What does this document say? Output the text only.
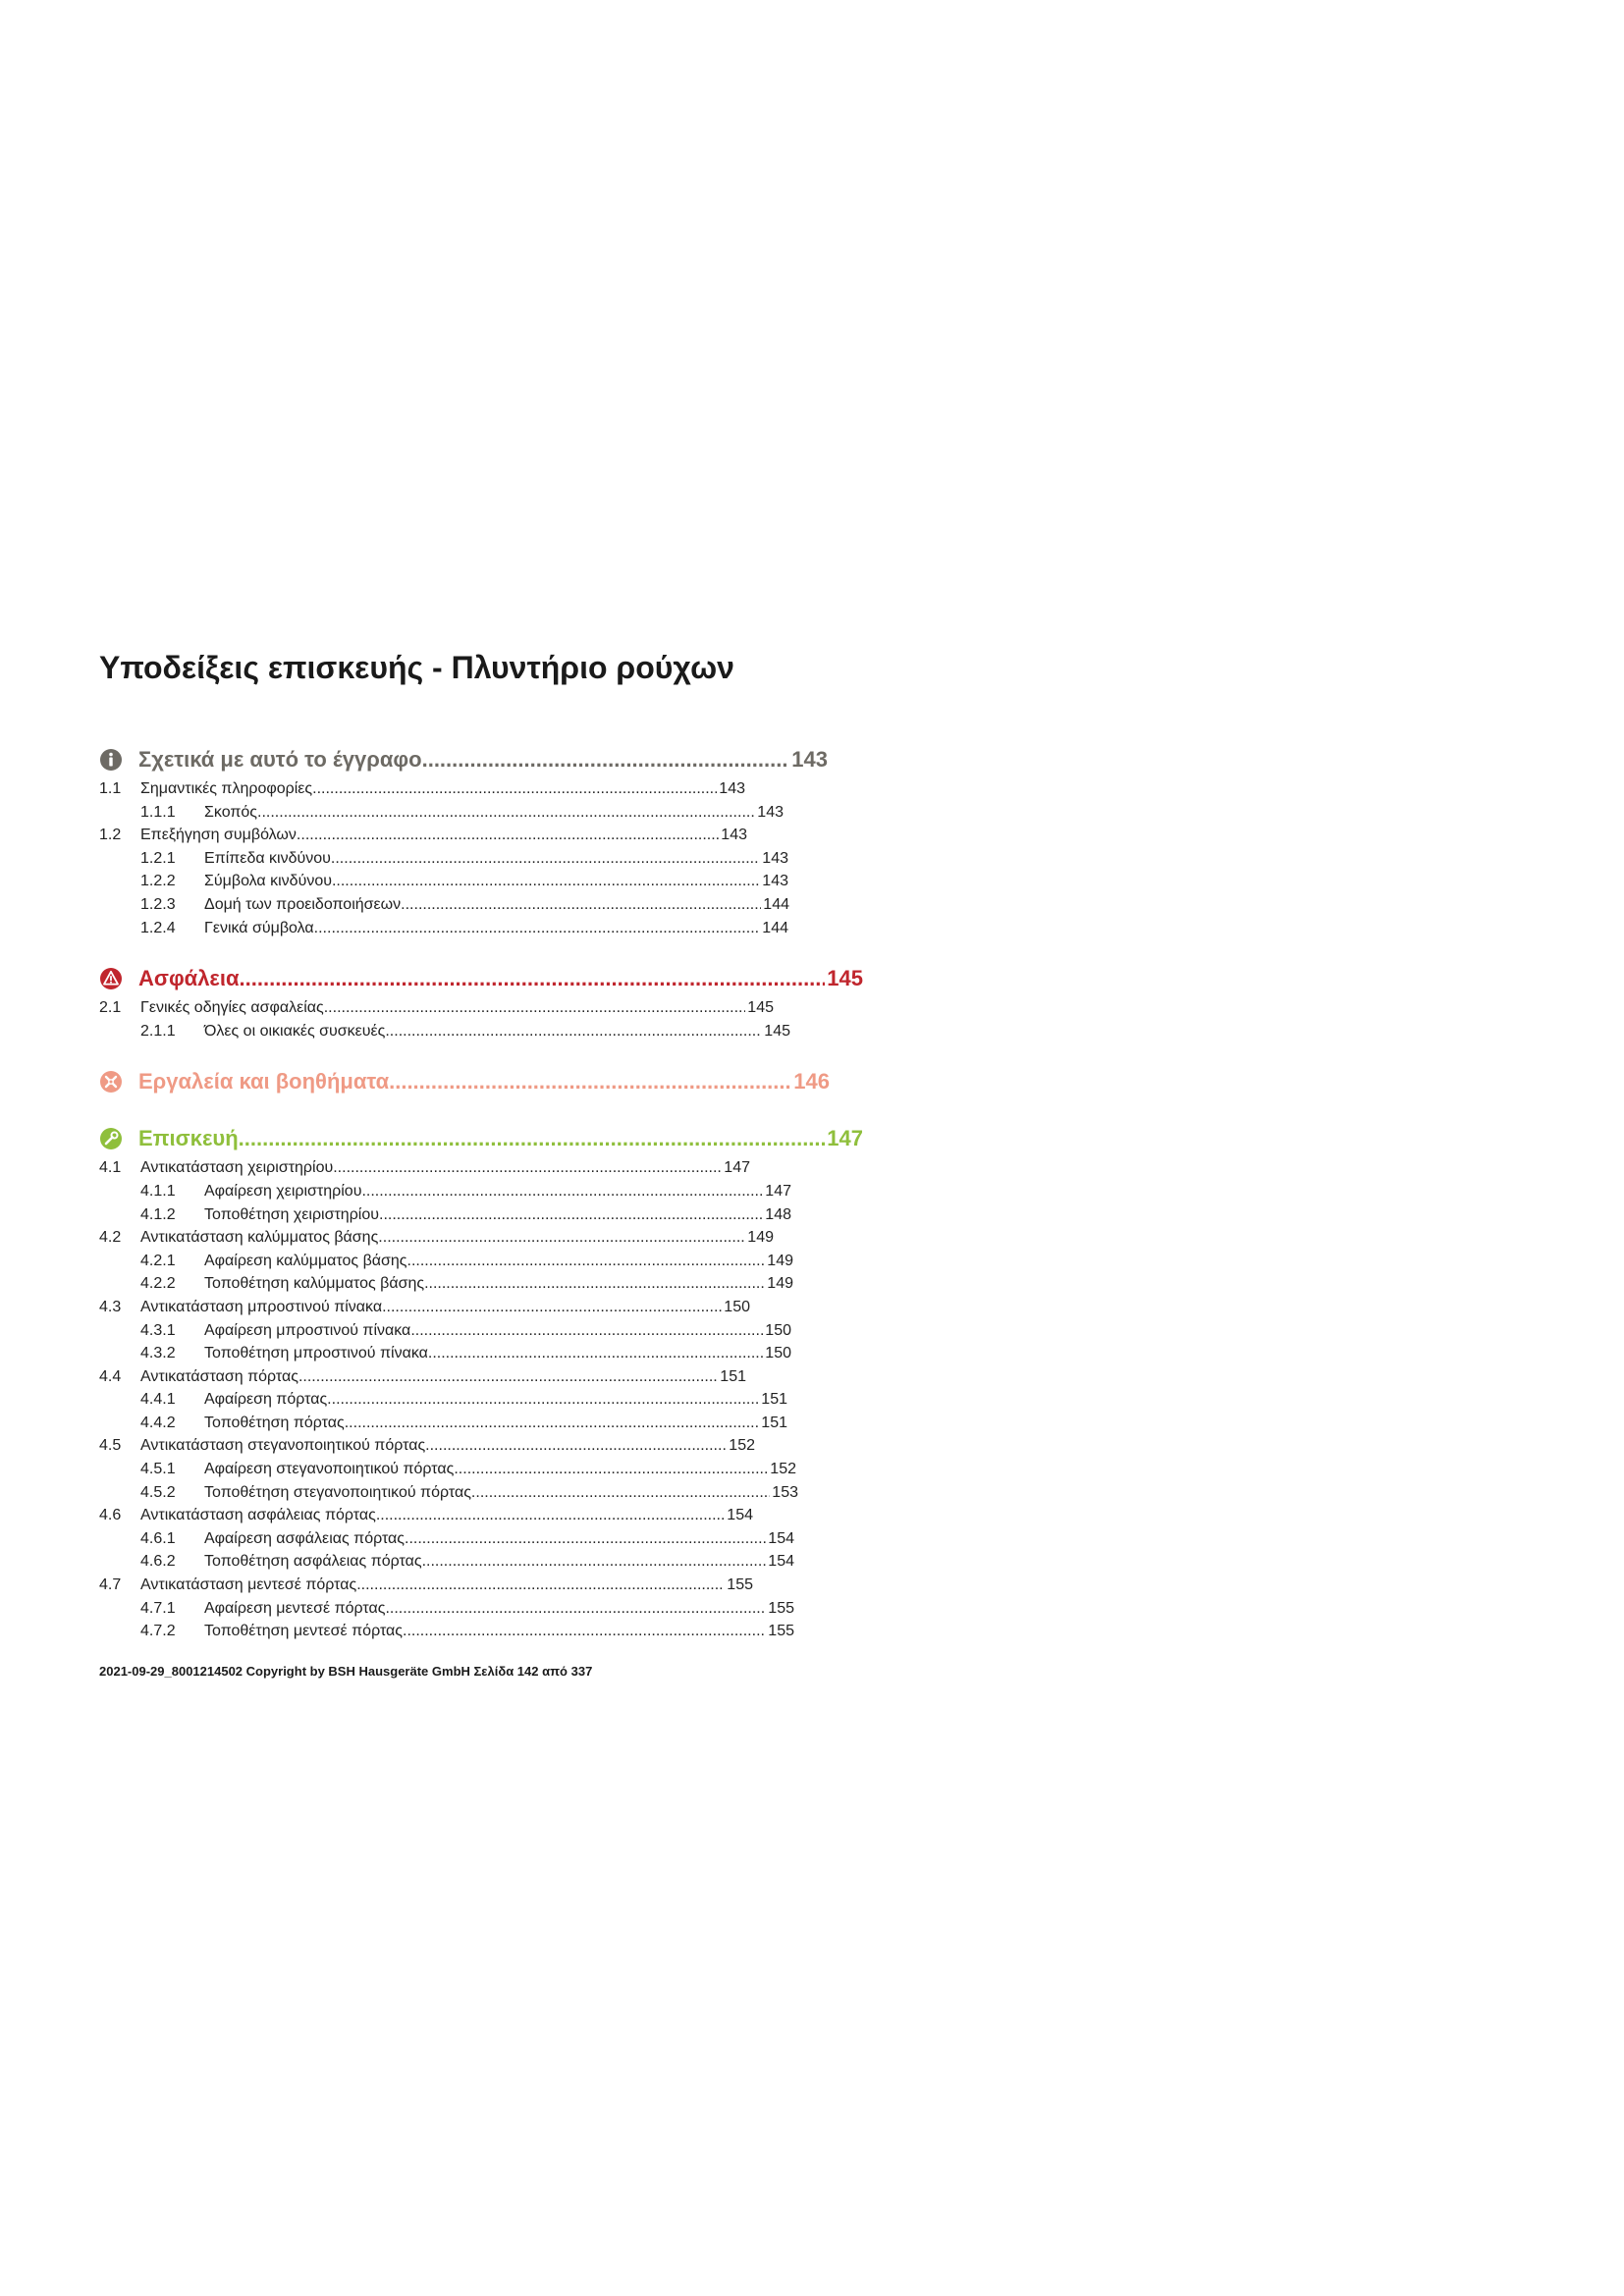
Υποδείξεις επισκευής - Πλυντήριο ρούχων
Σχετικά με αυτό το έγγραφο .....	143
1.1	Σημαντικές πληροφορίες .....	143
1.1.1	Σκοπός .....	143
1.2	Επεξήγηση συμβόλων .....	143
1.2.1	Επίπεδα κινδύνου .....	143
1.2.2	Σύμβολα κινδύνου .....	143
1.2.3	Δομή των προειδοποιήσεων .....	144
1.2.4	Γενικά σύμβολα .....	144
Ασφάλεια .....	145
2.1	Γενικές οδηγίες ασφαλείας .....	145
2.1.1	Όλες οι οικιακές συσκευές .....	145
Εργαλεία και βοηθήματα .....	146
Επισκευή .....	147
4.1	Αντικατάσταση χειριστηρίου .....	147
4.1.1	Αφαίρεση χειριστηρίου .....	147
4.1.2	Τοποθέτηση χειριστηρίου .....	148
4.2	Αντικατάσταση καλύμματος βάσης .....	149
4.2.1	Αφαίρεση καλύμματος βάσης .....	149
4.2.2	Τοποθέτηση καλύμματος βάσης .....	149
4.3	Αντικατάσταση μπροστινού πίνακα .....	150
4.3.1	Αφαίρεση μπροστινού πίνακα .....	150
4.3.2	Τοποθέτηση μπροστινού πίνακα .....	150
4.4	Αντικατάσταση πόρτας .....	151
4.4.1	Αφαίρεση πόρτας .....	151
4.4.2	Τοποθέτηση πόρτας .....	151
4.5	Αντικατάσταση στεγανοποιητικού πόρτας .....	152
4.5.1	Αφαίρεση στεγανοποιητικού πόρτας .....	152
4.5.2	Τοποθέτηση στεγανοποιητικού πόρτας .....	153
4.6	Αντικατάσταση ασφάλειας πόρτας .....	154
4.6.1	Αφαίρεση ασφάλειας πόρτας .....	154
4.6.2	Τοποθέτηση ασφάλειας πόρτας .....	154
4.7	Αντικατάσταση μεντεσέ πόρτας .....	155
4.7.1	Αφαίρεση μεντεσέ πόρτας .....	155
4.7.2	Τοποθέτηση μεντεσέ πόρτας .....	155
2021-09-29_8001214502 Copyright by BSH Hausgeräte GmbH Σελίδα 142 από 337
